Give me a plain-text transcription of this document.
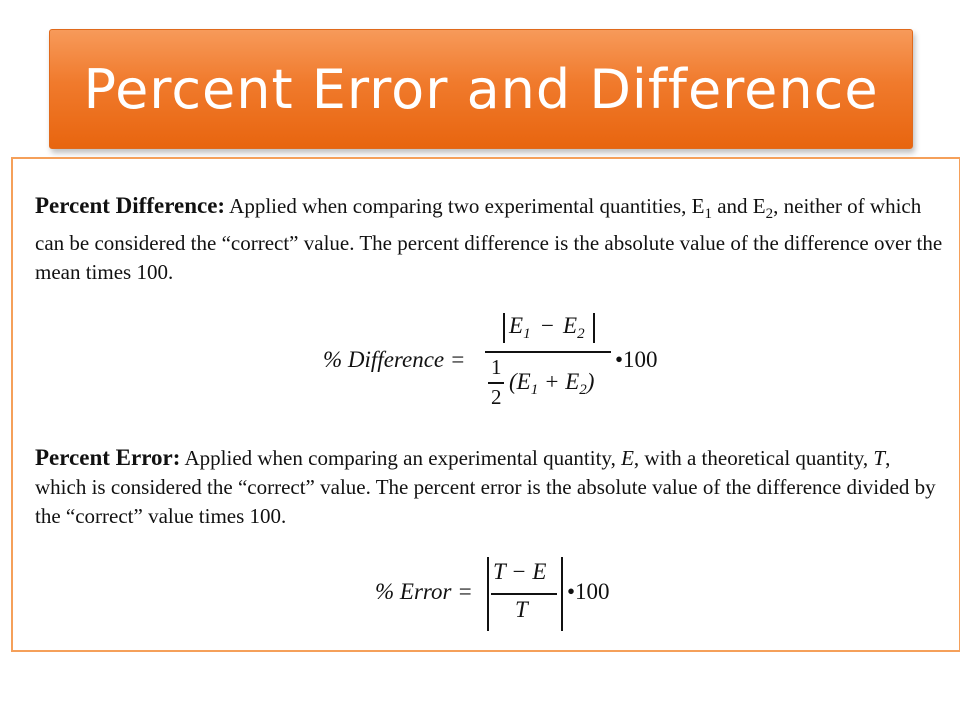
Percent Error and Difference
Percent Difference: Applied when comparing two experimental quantities, $E_1$ and $E_2$, neither of which can be considered the “correct” value. The percent difference is the absolute value of the difference over the mean times 100.
% Difference =
$E_1 - E_2$
1
2
$(E_1 + E_2)$
•100
Percent Error: Applied when comparing an experimental quantity, E, with a theoretical quantity, T, which is considered the “correct” value. The percent error is the absolute value of the difference divided by the “correct” value times 100.
% Error =
T − E
T
•100
